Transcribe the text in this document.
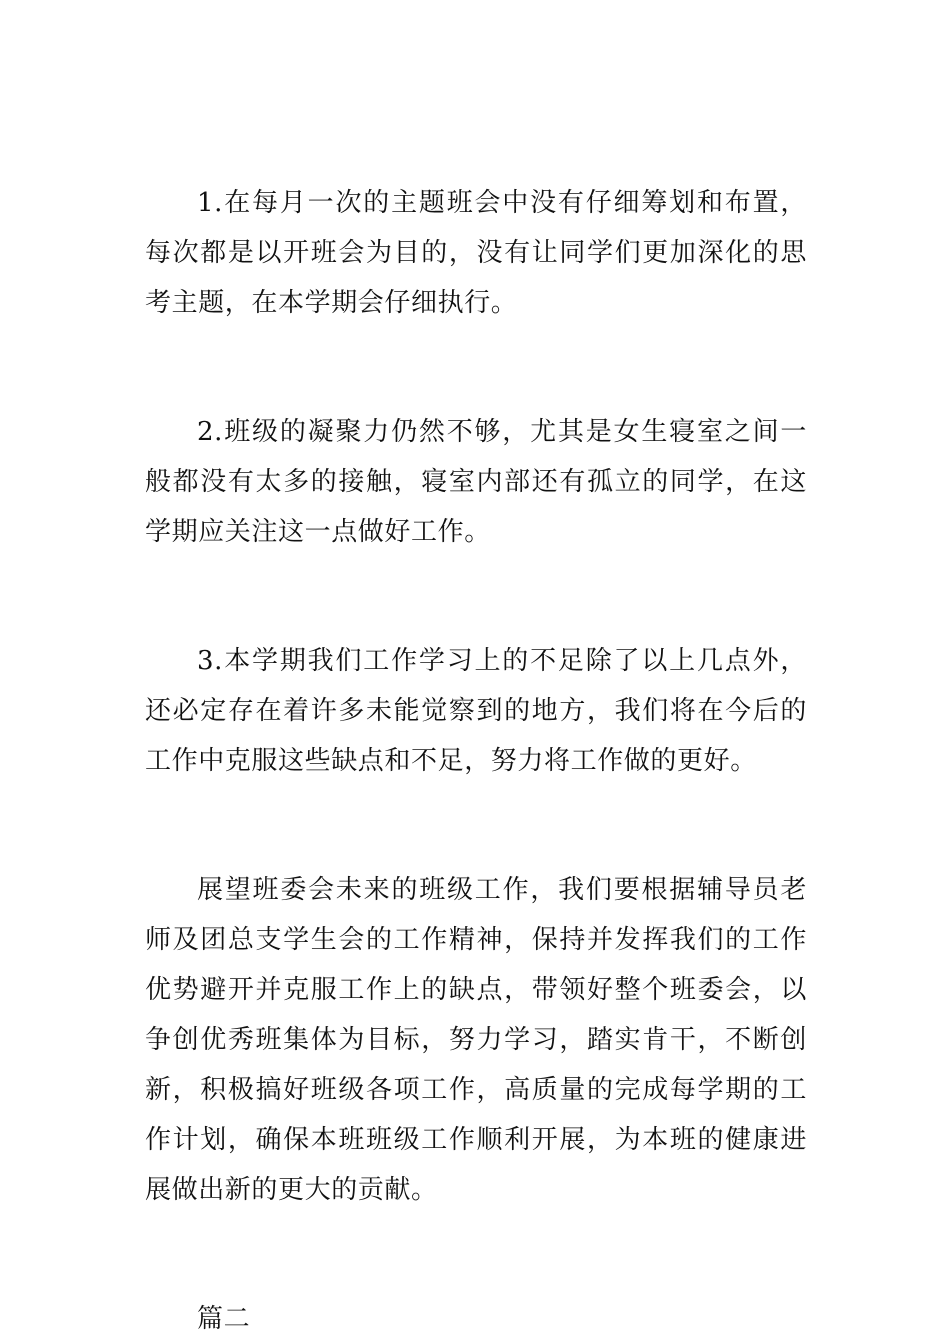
1.在每月一次的主题班会中没有仔细筹划和布置，每次都是以开班会为目的，没有让同学们更加深化的思考主题，在本学期会仔细执行。

2.班级的凝聚力仍然不够，尤其是女生寝室之间一般都没有太多的接触，寝室内部还有孤立的同学，在这学期应关注这一点做好工作。

3.本学期我们工作学习上的不足除了以上几点外，还必定存在着许多未能觉察到的地方，我们将在今后的工作中克服这些缺点和不足，努力将工作做的更好。

展望班委会未来的班级工作，我们要根据辅导员老师及团总支学生会的工作精神，保持并发挥我们的工作优势避开并克服工作上的缺点，带领好整个班委会，以争创优秀班集体为目标，努力学习，踏实肯干，不断创新，积极搞好班级各项工作，高质量的完成每学期的工作计划，确保本班班级工作顺利开展，为本班的健康进展做出新的更大的贡献。

篇二
